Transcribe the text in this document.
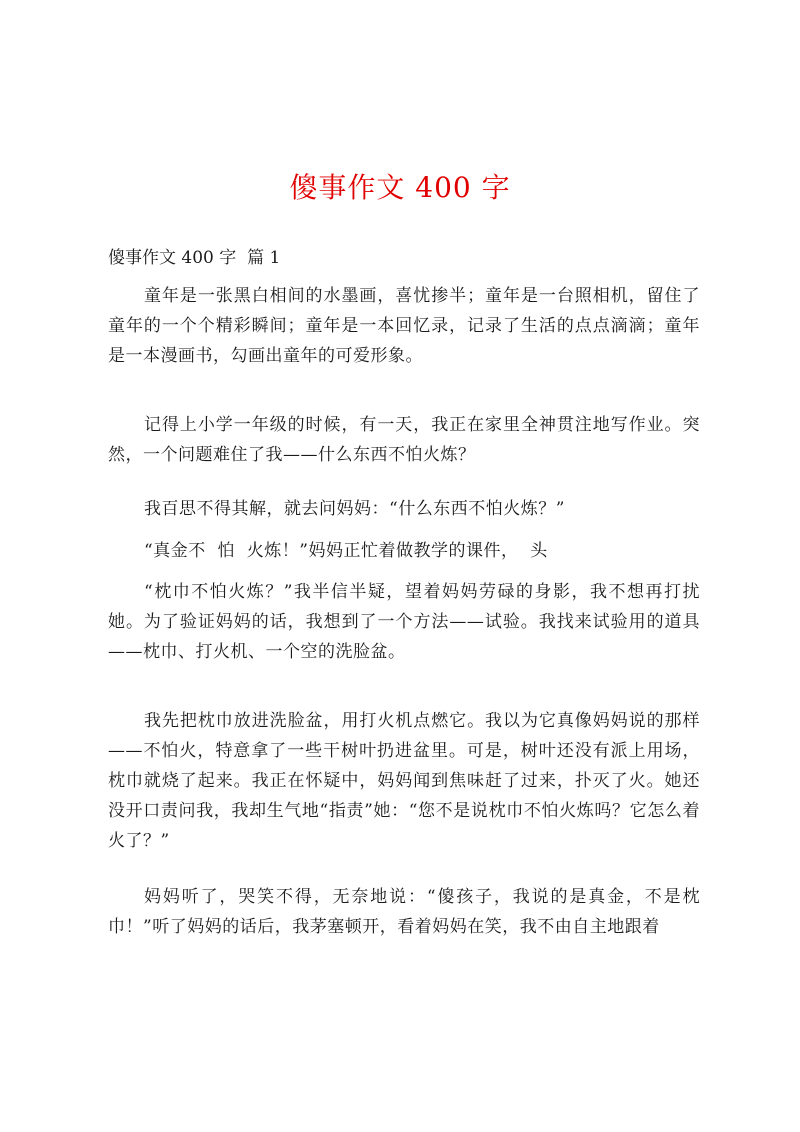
傻事作文 400 字
傻事作文 400 字  篇 1

童年是一张黑白相间的水墨画，喜忧掺半；童年是一台照相机，留住了童年的一个个精彩瞬间；童年是一本回忆录，记录了生活的点点滴滴；童年是一本漫画书，勾画出童年的可爱形象。

记得上小学一年级的时候，有一天，我正在家里全神贯注地写作业。突然，一个问题难住了我——什么东西不怕火炼？

我百思不得其解，就去问妈妈：“什么东西不怕火炼？”

“真金不  怕  火炼！”妈妈正忙着做教学的课件，  头

“枕巾不怕火炼？”我半信半疑，望着妈妈劳碌的身影，我不想再打扰她。为了验证妈妈的话，我想到了一个方法——试验。我找来试验用的道具——枕巾、打火机、一个空的洗脸盆。

我先把枕巾放进洗脸盆，用打火机点燃它。我以为它真像妈妈说的那样——不怕火，特意拿了一些干树叶扔进盆里。可是，树叶还没有派上用场，枕巾就烧了起来。我正在怀疑中，妈妈闻到焦味赶了过来，扑灭了火。她还没开口责问我，我却生气地“指责”她：“您不是说枕巾不怕火炼吗？它怎么着火了？”

妈妈听了，哭笑不得，无奈地说：“傻孩子，我说的是真金，不是枕巾！”听了妈妈的话后，我茅塞顿开，看着妈妈在笑，我不由自主地跟着
